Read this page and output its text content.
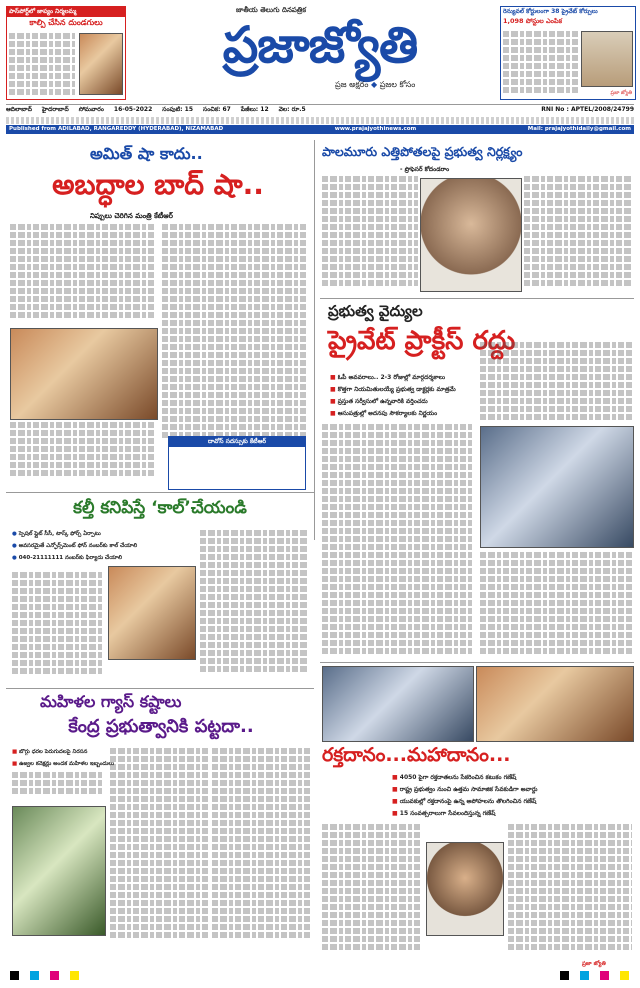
పాస్‌పోర్ట్‌లో జాప్యం నిర్మలమ్మ
కాల్పి చేసిన దుండగులు
జాతీయ తెలుగు దినపత్రిక
ప్రజాజ్యోతి
ప్రజ అక్షరం ◆ ప్రజల కోసం
రెన్యువల్ కోర్టులంగా 38 ప్రైవేట్ కోర్సులు
1,098 పోస్టుల ఎంపిక
ప్రజా జ్యోతి
ఆదిలాబాద్ హైదరాబాద్ సోమవారం 16-05-2022 సంపుటి: 15 సంచిక: 67 పేజీలు: 12 వెల: రూ.5	RNI No : APTEL/2008/24799
Published from ADILABAD, RANGAREDDY (HYDERABAD), NIZAMABAD	www.prajajyothinews.com	Mail: prajajyothidaily@gmail.com
అమిత్ షా కాదు..
అబద్ధాల బాద్ షా..
నిప్పులు చెరిగిన మంత్రి కేటీఆర్
దావోస్ సదస్సుకు కేటీఆర్
పాలమూరు ఎత్తిపోతలపై ప్రభుత్వ నిర్లక్ష్యం
- ప్రొఫెసర్ కోదండరాం
ప్రభుత్వ వైద్యుల
ప్రైవేట్ ప్రాక్టీస్ రద్దు
■ ఓపీ అవవరాలు.. 2-3 రోజుల్లో మార్గదర్శకాలు
■ కొత్తగా నియమితులయ్యే ప్రభుత్వ డాక్టర్లకు మాత్రమే
■ ప్రస్తుత సర్వీసులో ఉన్నవారికి వర్తించదు
■ ఆసుపత్రుల్లో అదనపు సౌకర్యాలకు నిర్ణయం
కల్తీ కనిపిస్తే ‘కాల్’చేయండి
● స్పెషల్ ఫ్లైట్ సీసీ, టాస్క్ ఫోర్స్ ఏర్పాటు
● అవసరమైతే ఎన్ఫోర్స్‌మెంట్ ఫోన్ నంబర్‌కు కాల్ చేయాలి
● 040-21111111 నంబర్‌కు ఫిర్యాదు చేయాలి
మహిళల గ్యాస్ కష్టాలు
కేంద్ర ప్రభుత్వానికి పట్టదా..
■ బొగ్గు ధరల పెరుగుదలపై నిరసన
■ ఉజ్వల కనెక్షన్లు అందక మహిళల ఇబ్బందులు	రక్తదానం...మహాదానం...
■ 4050 పైగా రక్తదాతలను సేకరించిన కటుకం గణేష్
■ రాష్ట్ర ప్రభుత్వం నుంచి ఉత్తమ సామాజిక సేవకుడిగా అవార్డు
■ యువకుల్లో రక్తదానంపై ఉన్న అపోహలను తొలగించిన గణేష్
■ 15 సంవత్సరాలుగా సేవలందిస్తున్న గణేష్
ప్రజా జ్యోతి
